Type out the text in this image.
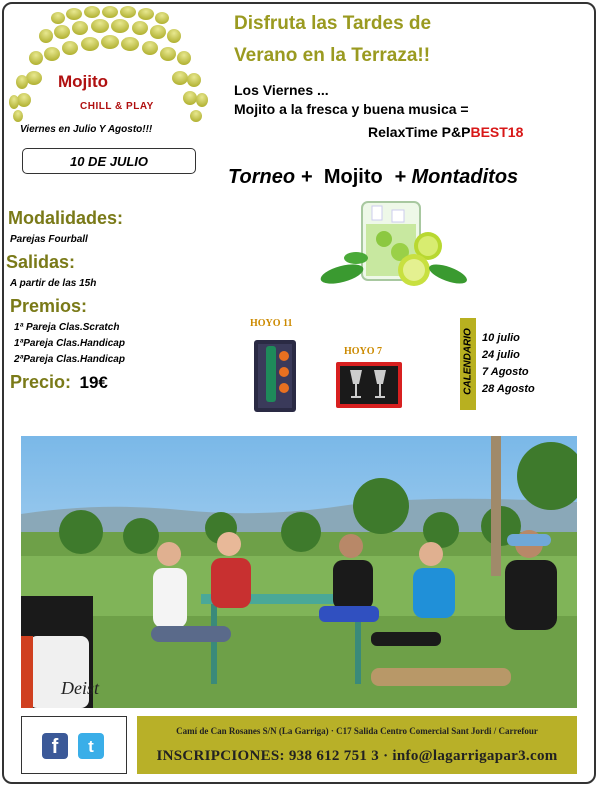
Mojito
CHILL & PLAY
Viernes en Julio Y Agosto!!!
10 DE JULIO
Disfruta las Tardes de
Verano en la Terraza!!
Los Viernes ...
Mojito a la fresca y buena musica =
RelaxTime P&PBEST18
Torneo + Mojito + Montaditos
Modalidades:
Parejas Fourball
Salidas:
A partir de las 15h
Premios:
1ª Pareja Clas.Scratch
1ªPareja Clas.Handicap
2ªPareja Clas.Handicap
Precio: 19€
HOYO 11
HOYO 7	CALENDARIO 10 julio
24 julio
7 Agosto
28 Agosto
Deist
f	t
Camí de Can Rosanes S/N (La Garriga) · C17 Salida Centro Comercial Sant Jordi / Carrefour
INSCRIPCIONES: 938 612 751 3 · info@lagarrigapar3.com
